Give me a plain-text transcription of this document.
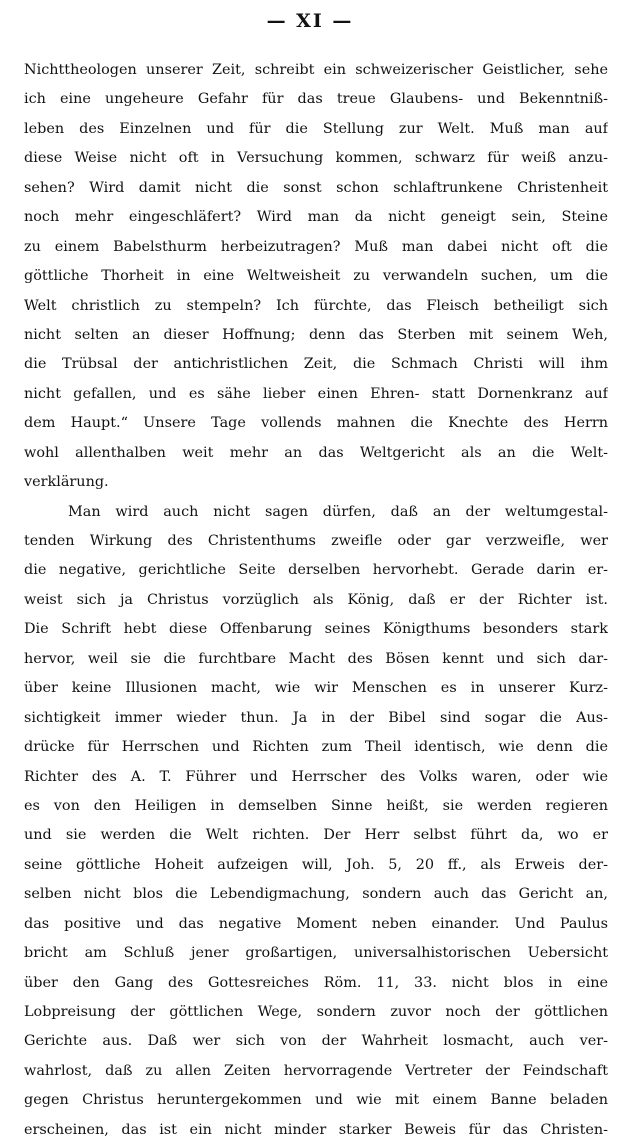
— XI —
Nichttheologen unserer Zeit, schreibt ein schweizerischer Geistlicher, sehe
ich eine ungeheure Gefahr für das treue Glaubens- und Bekenntniß-
leben des Einzelnen und für die Stellung zur Welt. Muß man auf
diese Weise nicht oft in Versuchung kommen, schwarz für weiß anzu-
sehen? Wird damit nicht die sonst schon schlaftrunkene Christenheit
noch mehr eingeschläfert? Wird man da nicht geneigt sein, Steine
zu einem Babelsthurm herbeizutragen? Muß man dabei nicht oft die
göttliche Thorheit in eine Weltweisheit zu verwandeln suchen, um die
Welt christlich zu stempeln? Ich fürchte, das Fleisch betheiligt sich
nicht selten an dieser Hoffnung; denn das Sterben mit seinem Weh,
die Trübsal der antichristlichen Zeit, die Schmach Christi will ihm
nicht gefallen, und es sähe lieber einen Ehren- statt Dornenkranz auf
dem Haupt.“ Unsere Tage vollends mahnen die Knechte des Herrn
wohl allenthalben weit mehr an das Weltgericht als an die Welt-
verklärung.
Man wird auch nicht sagen dürfen, daß an der weltumgestal-
tenden Wirkung des Christenthums zweifle oder gar verzweifle, wer
die negative, gerichtliche Seite derselben hervorhebt. Gerade darin er-
weist sich ja Christus vorzüglich als König, daß er der Richter ist.
Die Schrift hebt diese Offenbarung seines Königthums besonders stark
hervor, weil sie die furchtbare Macht des Bösen kennt und sich dar-
über keine Illusionen macht, wie wir Menschen es in unserer Kurz-
sichtigkeit immer wieder thun. Ja in der Bibel sind sogar die Aus-
drücke für Herrschen und Richten zum Theil identisch, wie denn die
Richter des A. T. Führer und Herrscher des Volks waren, oder wie
es von den Heiligen in demselben Sinne heißt, sie werden regieren
und sie werden die Welt richten. Der Herr selbst führt da, wo er
seine göttliche Hoheit aufzeigen will, Joh. 5, 20 ff., als Erweis der-
selben nicht blos die Lebendigmachung, sondern auch das Gericht an,
das positive und das negative Moment neben einander. Und Paulus
bricht am Schluß jener großartigen, universalhistorischen Uebersicht
über den Gang des Gottesreiches Röm. 11, 33. nicht blos in eine
Lobpreisung der göttlichen Wege, sondern zuvor noch der göttlichen
Gerichte aus. Daß wer sich von der Wahrheit losmacht, auch ver-
wahrlost, daß zu allen Zeiten hervorragende Vertreter der Feindschaft
gegen Christus heruntergekommen und wie mit einem Banne beladen
erscheinen, das ist ein nicht minder starker Beweis für das Christen-
